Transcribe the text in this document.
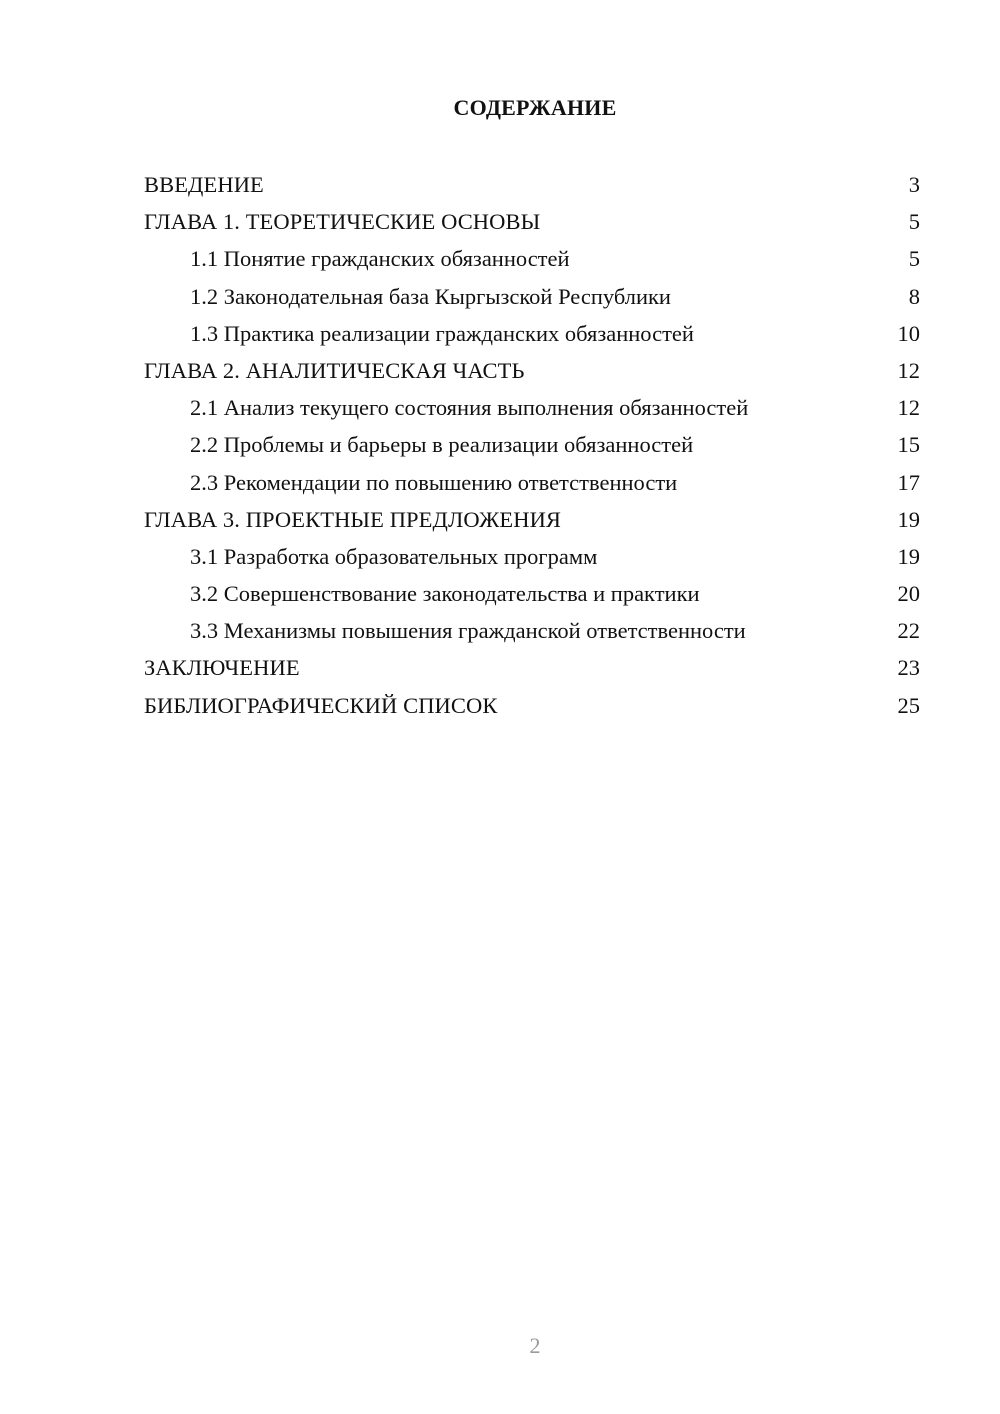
СОДЕРЖАНИЕ
ВВЕДЕНИЕ	3
ГЛАВА 1. ТЕОРЕТИЧЕСКИЕ ОСНОВЫ	5
1.1 Понятие гражданских обязанностей	5
1.2 Законодательная база Кыргызской Республики	8
1.3 Практика реализации гражданских обязанностей	10
ГЛАВА 2. АНАЛИТИЧЕСКАЯ ЧАСТЬ	12
2.1 Анализ текущего состояния выполнения обязанностей	12
2.2 Проблемы и барьеры в реализации обязанностей	15
2.3 Рекомендации по повышению ответственности	17
ГЛАВА 3. ПРОЕКТНЫЕ ПРЕДЛОЖЕНИЯ	19
3.1 Разработка образовательных программ	19
3.2 Совершенствование законодательства и практики	20
3.3 Механизмы повышения гражданской ответственности	22
ЗАКЛЮЧЕНИЕ	23
БИБЛИОГРАФИЧЕСКИЙ СПИСОК	25
2
